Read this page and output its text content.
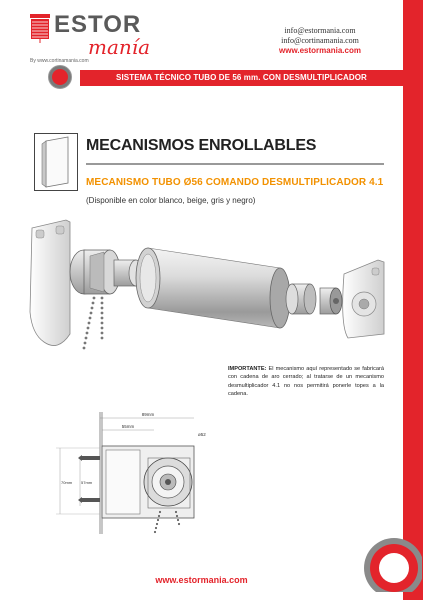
ESTOR
manía
By www.cortinamania.com
info@estormania.com
info@cortinamania.com
www.estormania.com
SISTEMA TÉCNICO TUBO DE 56 mm. CON DESMULTIPLICADOR
MECANISMOS ENROLLABLES
MECANISMO TUBO Ø56 COMANDO DESMULTIPLICADOR 4.1
(Disponible en color blanco, beige, gris y negro)
IMPORTANTE: El mecanismo aquí representado se fabricará con cadena de aro cerrado; al tratarse de un mecanismo desmultiplicador 4.1 no nos permitirá ponerle topes a la cadena.
89mm
55mm
ø52
70mm 57mm
www.estormania.com
